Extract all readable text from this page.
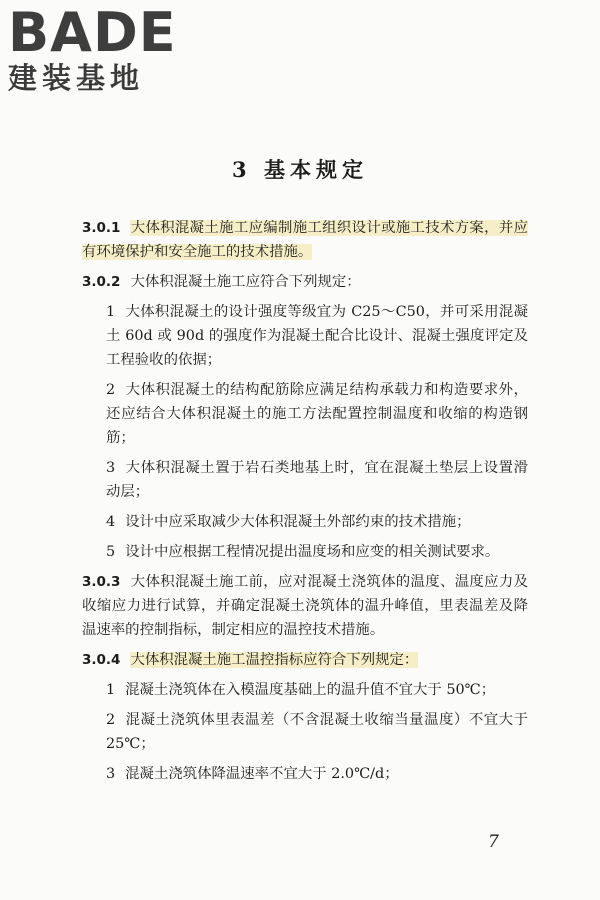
BADE
建装基地
3 基本规定

3.0.1 大体积混凝土施工应编制施工组织设计或施工技术方案，并应有环境保护和安全施工的技术措施。

3.0.2 大体积混凝土施工应符合下列规定：

1 大体积混凝土的设计强度等级宜为 C25～C50，并可采用混凝土 60d 或 90d 的强度作为混凝土配合比设计、混凝土强度评定及工程验收的依据；

2 大体积混凝土的结构配筋除应满足结构承载力和构造要求外，还应结合大体积混凝土的施工方法配置控制温度和收缩的构造钢筋；

3 大体积混凝土置于岩石类地基上时，宜在混凝土垫层上设置滑动层；

4 设计中应采取减少大体积混凝土外部约束的技术措施；

5 设计中应根据工程情况提出温度场和应变的相关测试要求。

3.0.3 大体积混凝土施工前，应对混凝土浇筑体的温度、温度应力及收缩应力进行试算，并确定混凝土浇筑体的温升峰值，里表温差及降温速率的控制指标，制定相应的温控技术措施。

3.0.4 大体积混凝土施工温控指标应符合下列规定：

1 混凝土浇筑体在入模温度基础上的温升值不宜大于 50℃；

2 混凝土浇筑体里表温差（不含混凝土收缩当量温度）不宜大于 25℃；

3 混凝土浇筑体降温速率不宜大于 2.0℃/d；

7
